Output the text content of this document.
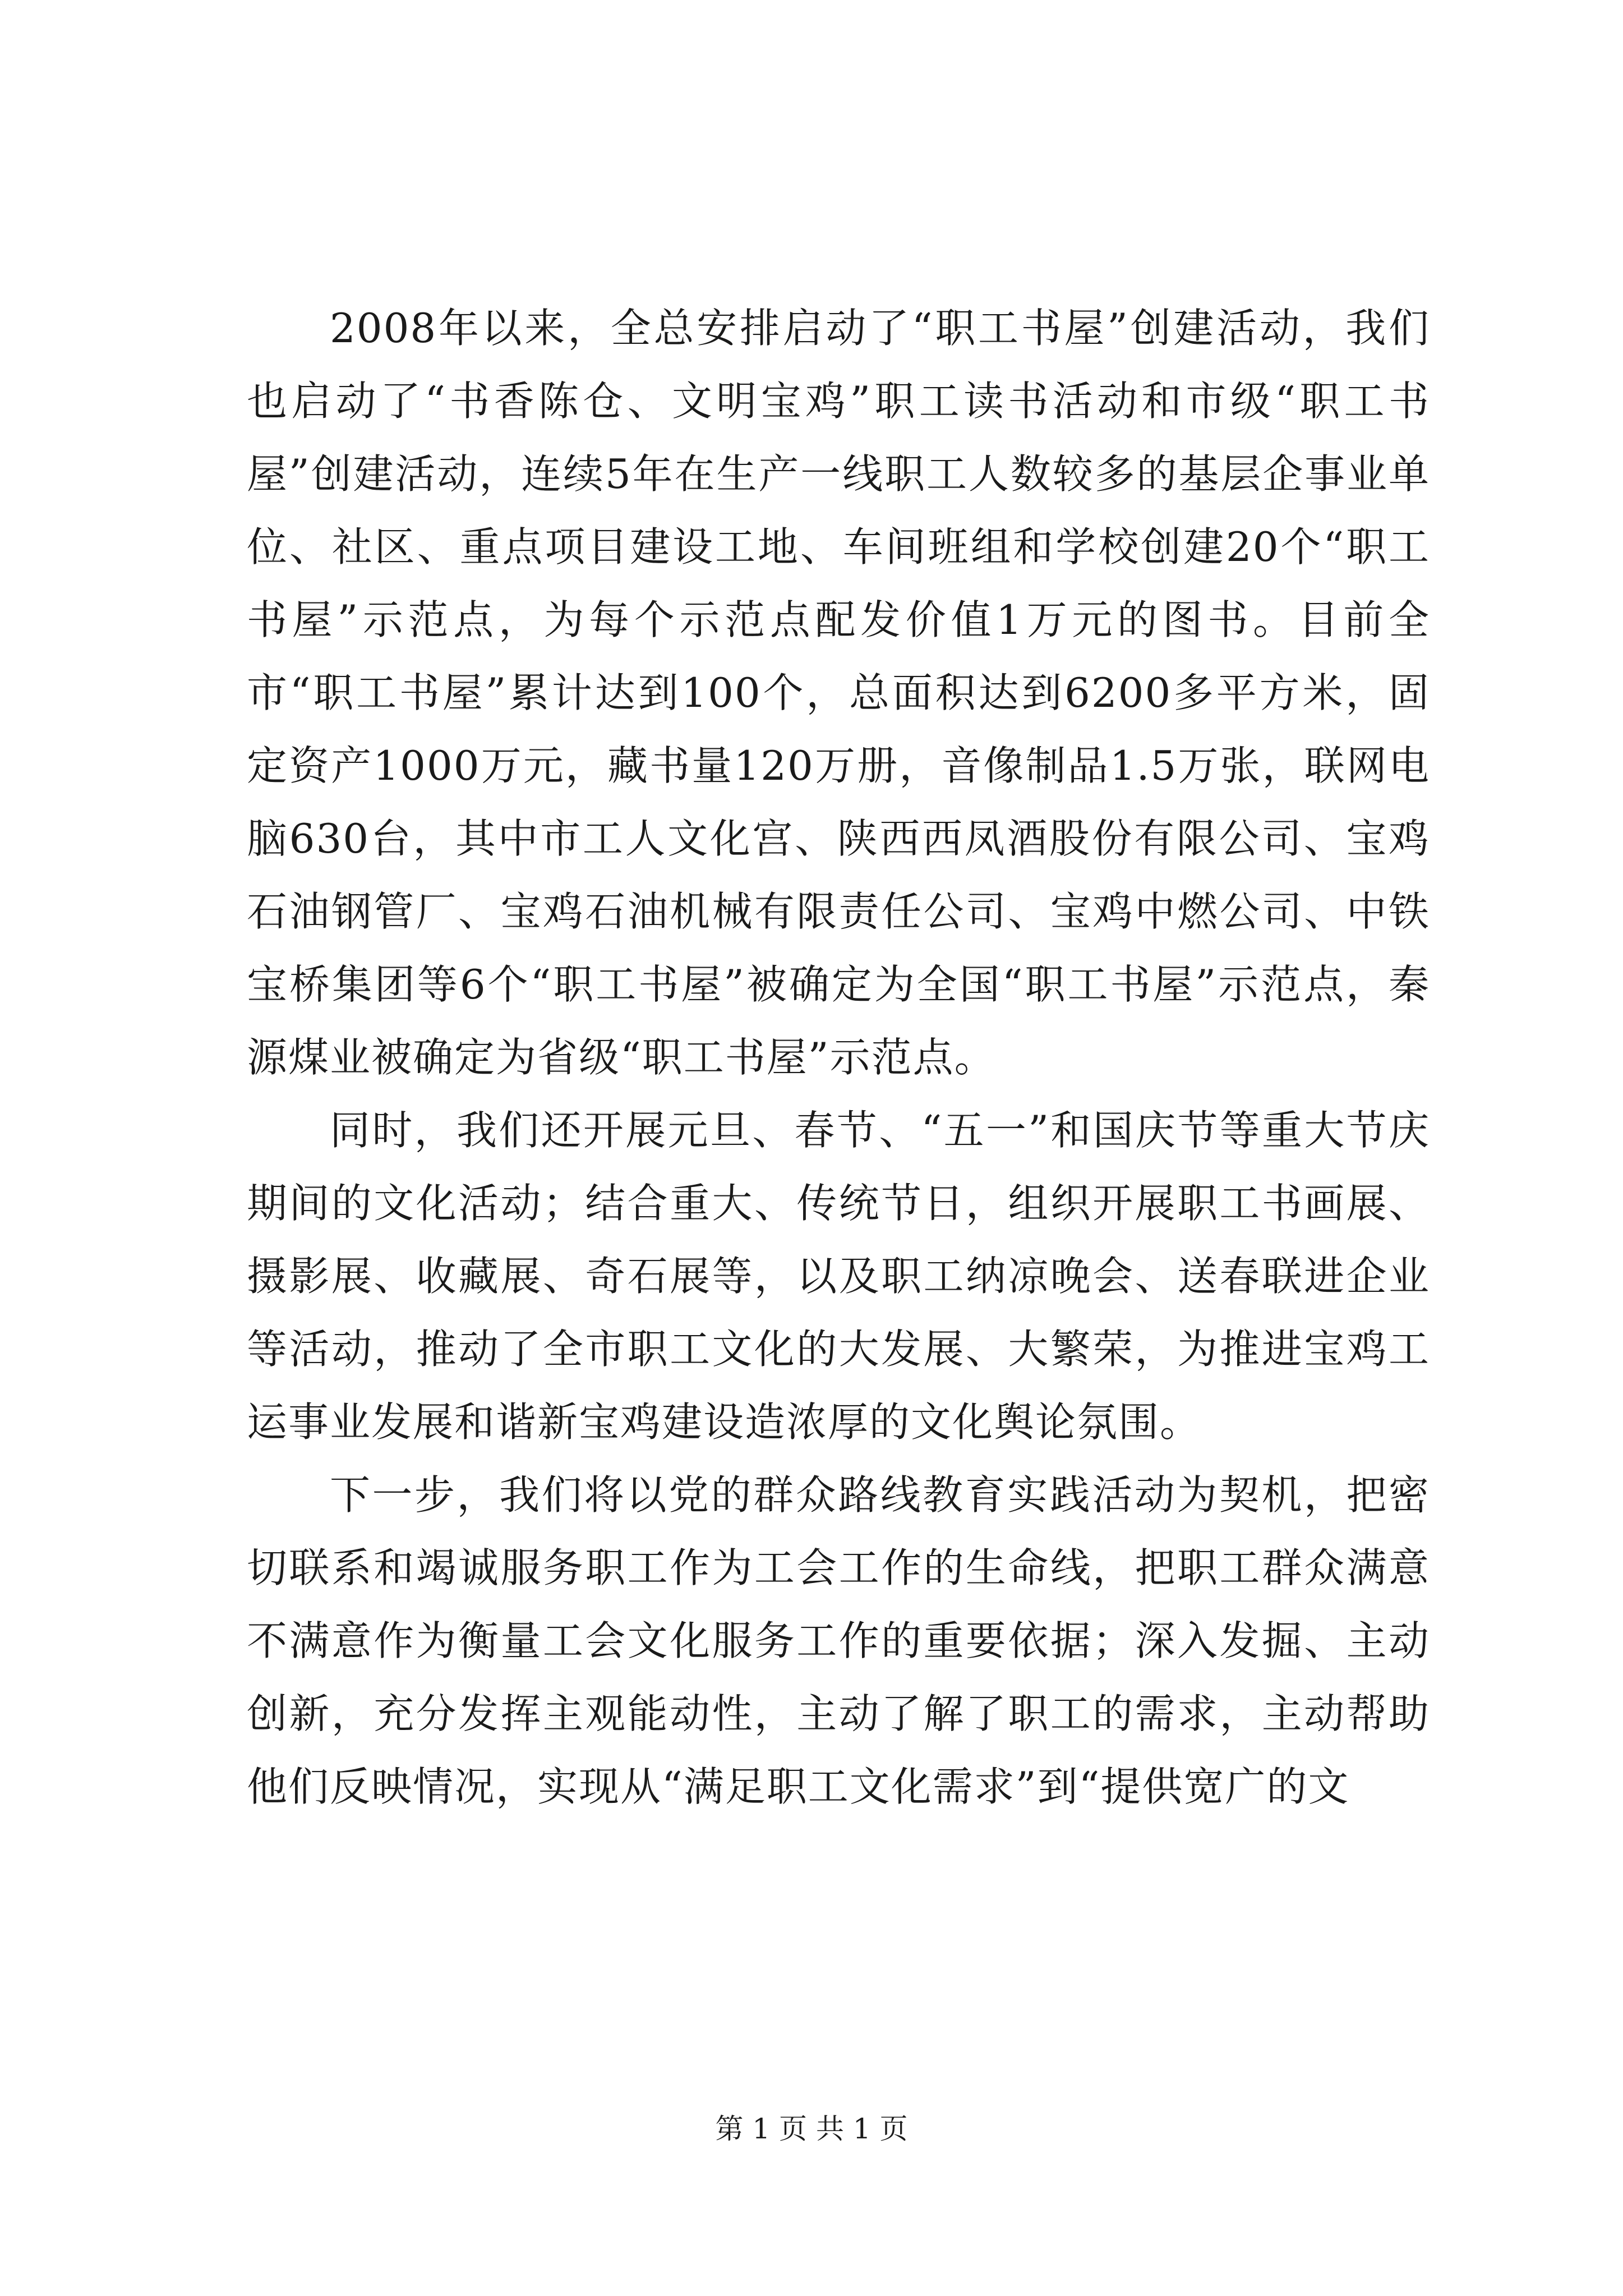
2008年以来，全总安排启动了“职工书屋”创建活动，我们也启动了“书香陈仓、文明宝鸡”职工读书活动和市级“职工书屋”创建活动，连续5年在生产一线职工人数较多的基层企事业单位、社区、重点项目建设工地、车间班组和学校创建20个“职工书屋”示范点，为每个示范点配发价值1万元的图书。目前全市“职工书屋”累计达到100个，总面积达到6200多平方米，固定资产1000万元，藏书量120万册，音像制品1.5万张，联网电脑630台，其中市工人文化宫、陕西西凤酒股份有限公司、宝鸡石油钢管厂、宝鸡石油机械有限责任公司、宝鸡中燃公司、中铁宝桥集团等6个“职工书屋”被确定为全国“职工书屋”示范点，秦源煤业被确定为省级“职工书屋”示范点。

同时，我们还开展元旦、春节、“五一”和国庆节等重大节庆期间的文化活动；结合重大、传统节日，组织开展职工书画展、摄影展、收藏展、奇石展等，以及职工纳凉晚会、送春联进企业等活动，推动了全市职工文化的大发展、大繁荣，为推进宝鸡工运事业发展和谐新宝鸡建设造浓厚的文化舆论氛围。

下一步，我们将以党的群众路线教育实践活动为契机，把密切联系和竭诚服务职工作为工会工作的生命线，把职工群众满意不满意作为衡量工会文化服务工作的重要依据；深入发掘、主动创新，充分发挥主观能动性，主动了解了职工的需求，主动帮助他们反映情况，实现从“满足职工文化需求”到“提供宽广的文

第 1 页 共 1 页
